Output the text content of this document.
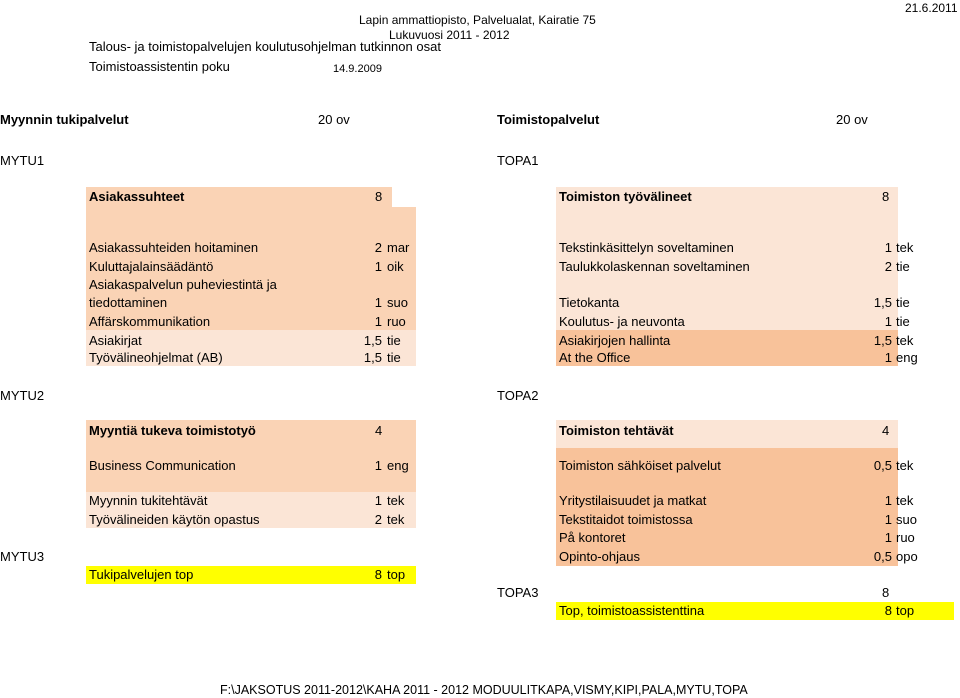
Lapin ammattiopisto, Palvelualat, Kairatie 75
Lukuvuosi 2011 - 2012
21.6.2011
Talous- ja toimistopalvelujen koulutusohjelman tutkinnon osat
Toimistoassistentin poku	14.9.2009
Myynnin tukipalvelut	20 ov	Toimistopalvelut	20 ov
MYTU1	TOPA1
Asiakassuhteet	8
Asiakassuhteiden hoitaminen	2 mar
Kuluttajalainsäädäntö	1 oik
Asiakaspalvelun puheviestintä ja
tiedottaminen	1 suo
Affärskommunikation	1 ruo
Asiakirjat	1,5 tie
Työvälineohjelmat (AB)	1,5 tie
Toimiston työvälineet	8
Tekstinkäsittelyn soveltaminen	1 tek
Taulukkolaskennan soveltaminen	2 tie
Tietokanta	1,5 tie
Koulutus- ja neuvonta	1 tie
Asiakirjojen hallinta	1,5 tek
At the Office	1 eng
MYTU2	TOPA2
Myyntiä tukeva toimistotyö	4
Business Communication	1 eng
Myynnin tukitehtävät	1 tek
Työvälineiden käytön opastus	2 tek
Toimiston tehtävät	4
Toimiston sähköiset palvelut	0,5 tek
Yritystilaisuudet ja matkat	1 tek
Tekstitaidot toimistossa	1 suo
På kontoret	1 ruo
Opinto-ohjaus	0,5 opo
MYTU3
Tukipalvelujen top	8 top
TOPA3	8
Top, toimistoassistenttina	8 top
F:\JAKSOTUS 2011-2012\KAHA 2011 - 2012 MODUULITKAPA,VISMY,KIPI,PALA,MYTU,TOPA
